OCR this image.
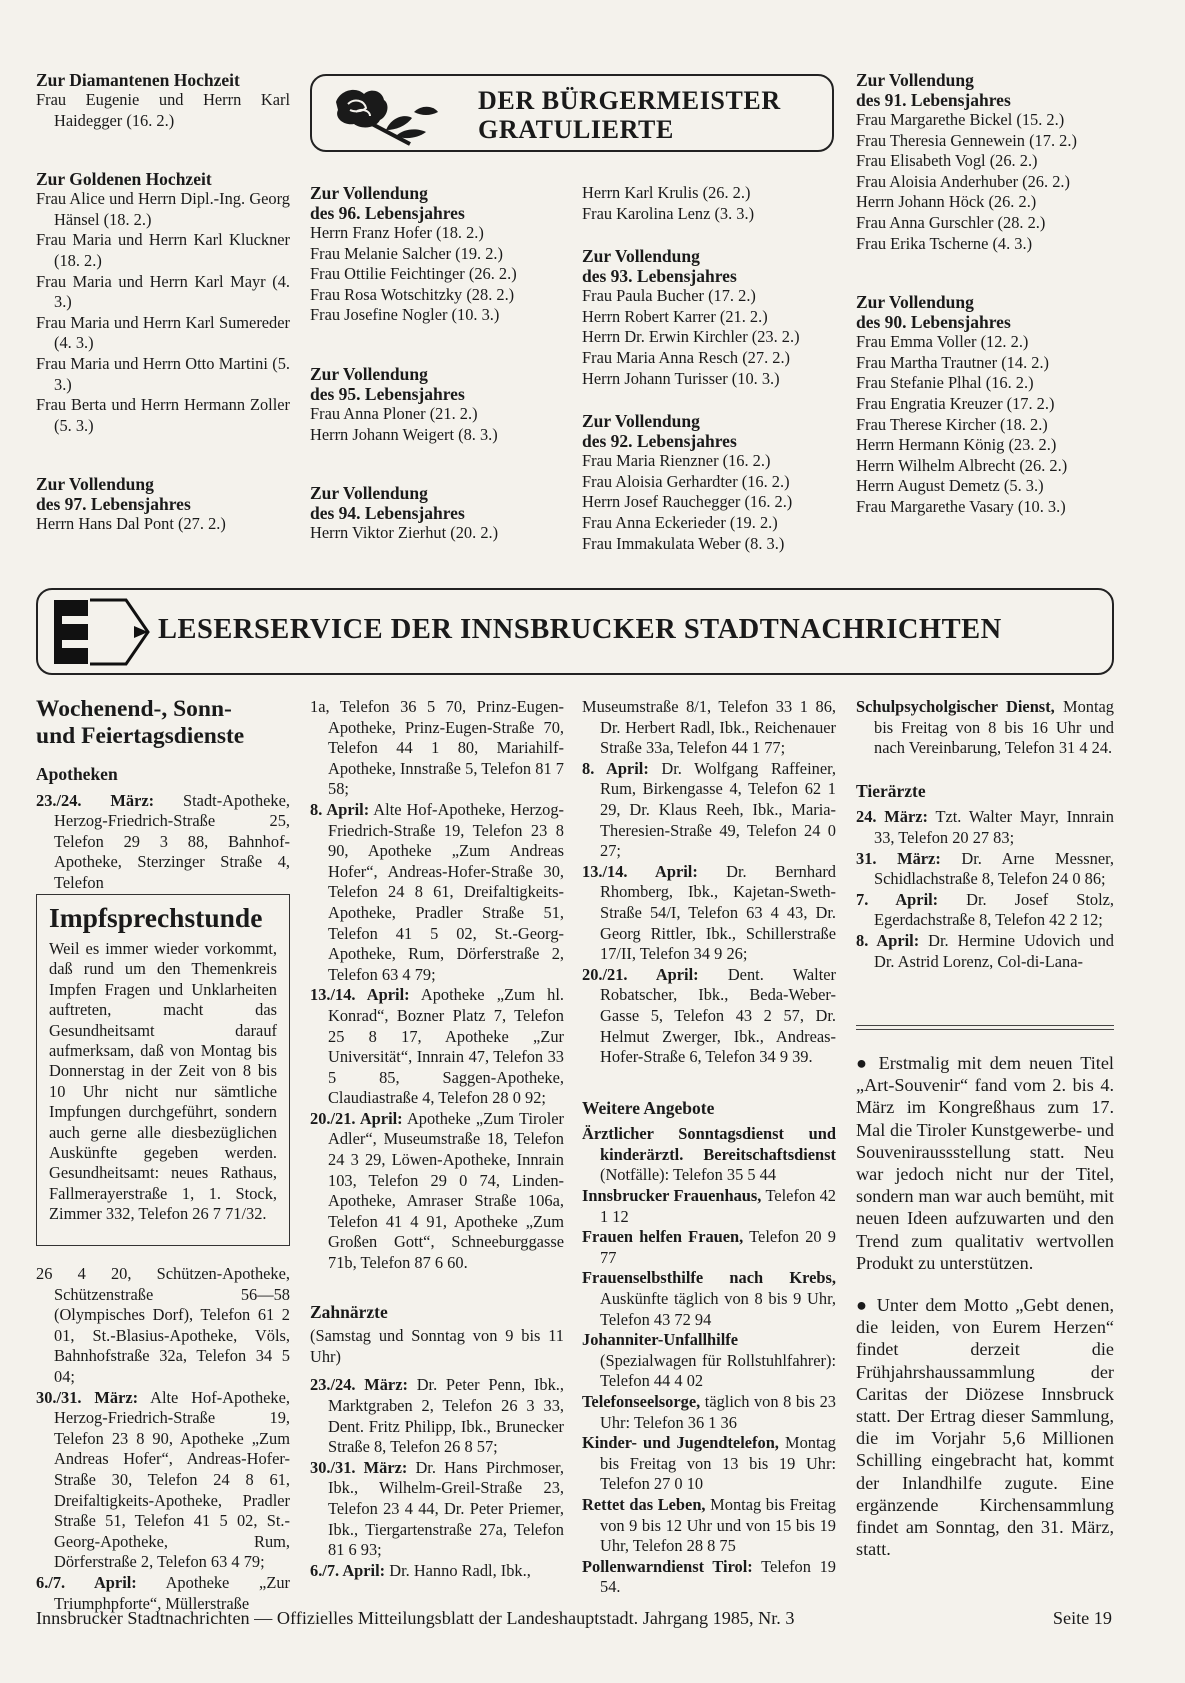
Zur Diamantenen Hochzeit

Frau Eugenie und Herrn Karl Haidegger (16. 2.)

Zur Goldenen Hochzeit

Frau Alice und Herrn Dipl.-Ing. Georg Hänsel (18. 2.)

Frau Maria und Herrn Karl Kluckner (18. 2.)

Frau Maria und Herrn Karl Mayr (4. 3.)

Frau Maria und Herrn Karl Sumereder (4. 3.)

Frau Maria und Herrn Otto Martini (5. 3.)

Frau Berta und Herrn Hermann Zoller (5. 3.)

Zur Vollendung
des 97. Lebensjahres

Herrn Hans Dal Pont (27. 2.)

DER BÜRGERMEISTER
GRATULIERTE
Zur Vollendung
des 96. Lebensjahres
Herrn Franz Hofer (18. 2.)
Frau Melanie Salcher (19. 2.)
Frau Ottilie Feichtinger (26. 2.)
Frau Rosa Wotschitzky (28. 2.)
Frau Josefine Nogler (10. 3.)
Zur Vollendung
des 95. Lebensjahres
Frau Anna Ploner (21. 2.)
Herrn Johann Weigert (8. 3.)
Zur Vollendung
des 94. Lebensjahres
Herrn Viktor Zierhut (20. 2.)
Herrn Karl Krulis (26. 2.)
Frau Karolina Lenz (3. 3.)
Zur Vollendung
des 93. Lebensjahres
Frau Paula Bucher (17. 2.)
Herrn Robert Karrer (21. 2.)
Herrn Dr. Erwin Kirchler (23. 2.)
Frau Maria Anna Resch (27. 2.)
Herrn Johann Turisser (10. 3.)
Zur Vollendung
des 92. Lebensjahres
Frau Maria Rienzner (16. 2.)
Frau Aloisia Gerhardter (16. 2.)
Herrn Josef Rauchegger (16. 2.)
Frau Anna Eckerieder (19. 2.)
Frau Immakulata Weber (8. 3.)
Zur Vollendung
des 91. Lebensjahres
Frau Margarethe Bickel (15. 2.)
Frau Theresia Gennewein (17. 2.)
Frau Elisabeth Vogl (26. 2.)
Frau Aloisia Anderhuber (26. 2.)
Herrn Johann Höck (26. 2.)
Frau Anna Gurschler (28. 2.)
Frau Erika Tscherne (4. 3.)
Zur Vollendung
des 90. Lebensjahres
Frau Emma Voller (12. 2.)
Frau Martha Trautner (14. 2.)
Frau Stefanie Plhal (16. 2.)
Frau Engratia Kreuzer (17. 2.)
Frau Therese Kircher (18. 2.)
Herrn Hermann König (23. 2.)
Herrn Wilhelm Albrecht (26. 2.)
Herrn August Demetz (5. 3.)
Frau Margarethe Vasary (10. 3.)
LESERSERVICE DER INNSBRUCKER STADTNACHRICHTEN
Wochenend-, Sonn- und Feiertagsdienste
Apotheken

23./24. März: Stadt-Apotheke, Herzog-Friedrich-Straße 25, Telefon 29 3 88, Bahnhof-Apotheke, Sterzinger Straße 4, Telefon

Impfsprechstunde

Weil es immer wieder vorkommt, daß rund um den Themenkreis Impfen Fragen und Unklarheiten auftreten, macht das Gesundheitsamt darauf aufmerksam, daß von Montag bis Donnerstag in der Zeit von 8 bis 10 Uhr nicht nur sämtliche Impfungen durchgeführt, sondern auch gerne alle diesbezüglichen Auskünfte gegeben werden. Gesundheitsamt: neues Rathaus, Fallmerayerstraße 1, 1. Stock, Zimmer 332, Telefon 26 7 71/32.

26 4 20, Schützen-Apotheke, Schützenstraße 56—58 (Olympisches Dorf), Telefon 61 2 01, St.-Blasius-Apotheke, Völs, Bahnhofstraße 32a, Telefon 34 5 04;

30./31. März: Alte Hof-Apotheke, Herzog-Friedrich-Straße 19, Telefon 23 8 90, Apotheke „Zum Andreas Hofer“, Andreas-Hofer-Straße 30, Telefon 24 8 61, Dreifaltigkeits-Apotheke, Pradler Straße 51, Telefon 41 5 02, St.-Georg-Apotheke, Rum, Dörferstraße 2, Telefon 63 4 79;

6./7. April: Apotheke „Zur Triumphpforte“, Müllerstraße

1a, Telefon 36 5 70, Prinz-Eugen-Apotheke, Prinz-Eugen-Straße 70, Telefon 44 1 80, Mariahilf-Apotheke, Innstraße 5, Telefon 81 7 58;

8. April: Alte Hof-Apotheke, Herzog-Friedrich-Straße 19, Telefon 23 8 90, Apotheke „Zum Andreas Hofer“, Andreas-Hofer-Straße 30, Telefon 24 8 61, Dreifaltigkeits-Apotheke, Pradler Straße 51, Telefon 41 5 02, St.-Georg-Apotheke, Rum, Dörferstraße 2, Telefon 63 4 79;

13./14. April: Apotheke „Zum hl. Konrad“, Bozner Platz 7, Telefon 25 8 17, Apotheke „Zur Universität“, Innrain 47, Telefon 33 5 85, Saggen-Apotheke, Claudiastraße 4, Telefon 28 0 92;

20./21. April: Apotheke „Zum Tiroler Adler“, Museumstraße 18, Telefon 24 3 29, Löwen-Apotheke, Innrain 103, Telefon 29 0 74, Linden-Apotheke, Amraser Straße 106a, Telefon 41 4 91, Apotheke „Zum Großen Gott“, Schneeburggasse 71b, Telefon 87 6 60.

Zahnärzte

(Samstag und Sonntag von 9 bis 11 Uhr)

23./24. März: Dr. Peter Penn, Ibk., Marktgraben 2, Telefon 26 3 33, Dent. Fritz Philipp, Ibk., Brunecker Straße 8, Telefon 26 8 57;

30./31. März: Dr. Hans Pirchmoser, Ibk., Wilhelm-Greil-Straße 23, Telefon 23 4 44, Dr. Peter Priemer, Ibk., Tiergartenstraße 27a, Telefon 81 6 93;

6./7. April: Dr. Hanno Radl, Ibk.,

Museumstraße 8/1, Telefon 33 1 86, Dr. Herbert Radl, Ibk., Reichenauer Straße 33a, Telefon 44 1 77;

8. April: Dr. Wolfgang Raffeiner, Rum, Birkengasse 4, Telefon 62 1 29, Dr. Klaus Reeh, Ibk., Maria-Theresien-Straße 49, Telefon 24 0 27;

13./14. April: Dr. Bernhard Rhomberg, Ibk., Kajetan-Sweth-Straße 54/I, Telefon 63 4 43, Dr. Georg Rittler, Ibk., Schillerstraße 17/II, Telefon 34 9 26;

20./21. April: Dent. Walter Robatscher, Ibk., Beda-Weber-Gasse 5, Telefon 43 2 57, Dr. Helmut Zwerger, Ibk., Andreas-Hofer-Straße 6, Telefon 34 9 39.

Weitere Angebote

Ärztlicher Sonntagsdienst und kinderärztl. Bereitschaftsdienst (Notfälle): Telefon 35 5 44

Innsbrucker Frauenhaus, Telefon 42 1 12

Frauen helfen Frauen, Telefon 20 9 77

Frauenselbsthilfe nach Krebs, Auskünfte täglich von 8 bis 9 Uhr, Telefon 43 72 94

Johanniter-Unfallhilfe (Spezialwagen für Rollstuhlfahrer): Telefon 44 4 02

Telefonseelsorge, täglich von 8 bis 23 Uhr: Telefon 36 1 36

Kinder- und Jugendtelefon, Montag bis Freitag von 13 bis 19 Uhr: Telefon 27 0 10

Rettet das Leben, Montag bis Freitag von 9 bis 12 Uhr und von 15 bis 19 Uhr, Telefon 28 8 75

Pollenwarndienst Tirol: Telefon 19 54.

Schulpsycholgischer Dienst, Montag bis Freitag von 8 bis 16 Uhr und nach Vereinbarung, Telefon 31 4 24.

Tierärzte

24. März: Tzt. Walter Mayr, Innrain 33, Telefon 20 27 83;

31. März: Dr. Arne Messner, Schidlachstraße 8, Telefon 24 0 86;

7. April: Dr. Josef Stolz, Egerdachstraße 8, Telefon 42 2 12;

8. April: Dr. Hermine Udovich und Dr. Astrid Lorenz, Col-di-Lana-

● Erstmalig mit dem neuen Titel „Art-Souvenir“ fand vom 2. bis 4. März im Kongreßhaus zum 17. Mal die Tiroler Kunstgewerbe- und Souveniraussstellung statt. Neu war jedoch nicht nur der Titel, sondern man war auch bemüht, mit neuen Ideen aufzuwarten und den Trend zum qualitativ wertvollen Produkt zu unterstützen.

● Unter dem Motto „Gebt denen, die leiden, von Eurem Herzen“ findet derzeit die Frühjahrshaussammlung der Caritas der Diözese Innsbruck statt. Der Ertrag dieser Sammlung, die im Vorjahr 5,6 Millionen Schilling eingebracht hat, kommt der Inlandhilfe zugute. Eine ergänzende Kirchensammlung findet am Sonntag, den 31. März, statt.

Innsbrucker Stadtnachrichten — Offizielles Mitteilungsblatt der Landeshauptstadt. Jahrgang 1985, Nr. 3	Seite 19
